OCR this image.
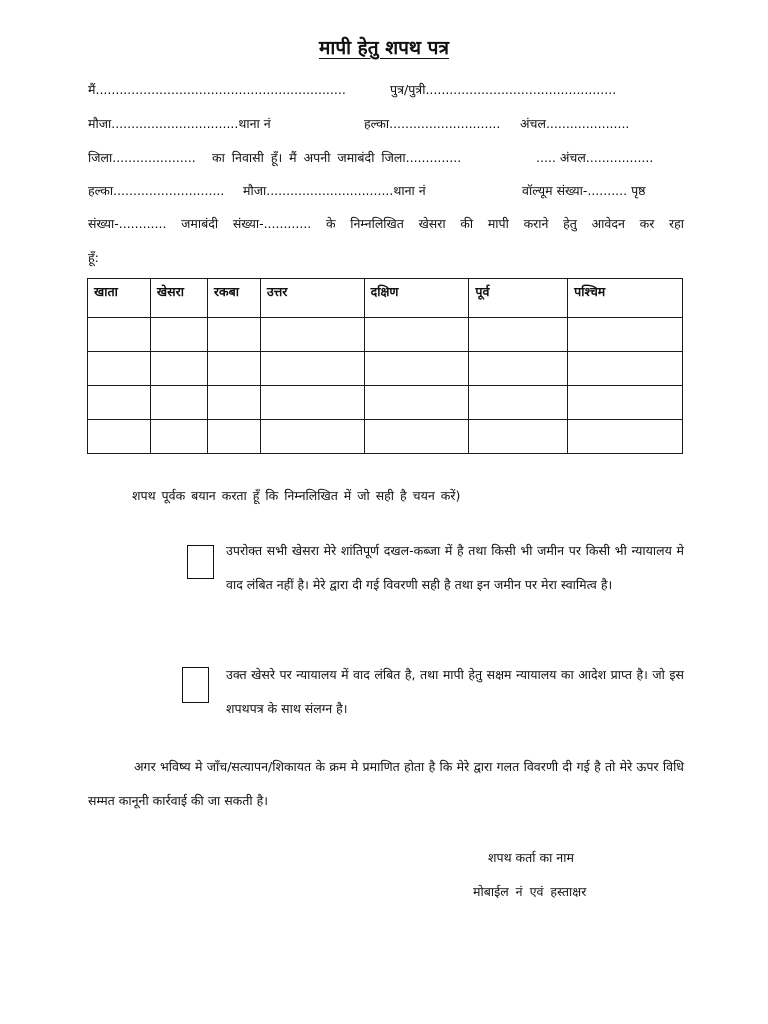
मापी हेतु शपथ पत्र
मैं...............................................................	पुत्र/पुत्री................................................
मौजा................................थाना नं	हल्का............................ अंचल.....................
जिला..................... का निवासी हूँ। मैं अपनी जमाबंदी जिला..............	..... अंचल.................
हल्का............................ मौजा................................थाना नं	वॉल्यूम संख्या-.......... पृष्ठ
संख्या-............ जमाबंदी संख्या-............ के निम्नलिखित खेसरा की मापी कराने हेतु आवेदन कर रहा
हूँ:
खाता	खेसरा	रकबा	उत्तर	दक्षिण	पूर्व	पश्चिम

शपथ पूर्वक बयान करता हूँ कि निम्नलिखित में जो सही है चयन करें)
उपरोक्त सभी खेसरा मेरे शांतिपूर्ण दखल-कब्जा में है तथा किसी भी जमीन पर किसी भी न्यायालय मे वाद लंबित नहीं है। मेरे द्वारा दी गई विवरणी सही है तथा इन जमीन पर मेरा स्वामित्व है।
उक्त खेसरे पर न्यायालय में वाद लंबित है, तथा मापी हेतु सक्षम न्यायालय का आदेश प्राप्त है। जो इस शपथपत्र के साथ संलग्न है।
अगर भविष्य मे जाँच/सत्यापन/शिकायत के क्रम मे प्रमाणित होता है कि मेरे द्वारा गलत विवरणी दी गई है तो मेरे ऊपर विधि सम्मत कानूनी कार्रवाई की जा सकती है।
शपथ कर्ता का नाम
मोबाईल नं एवं हस्ताक्षर
